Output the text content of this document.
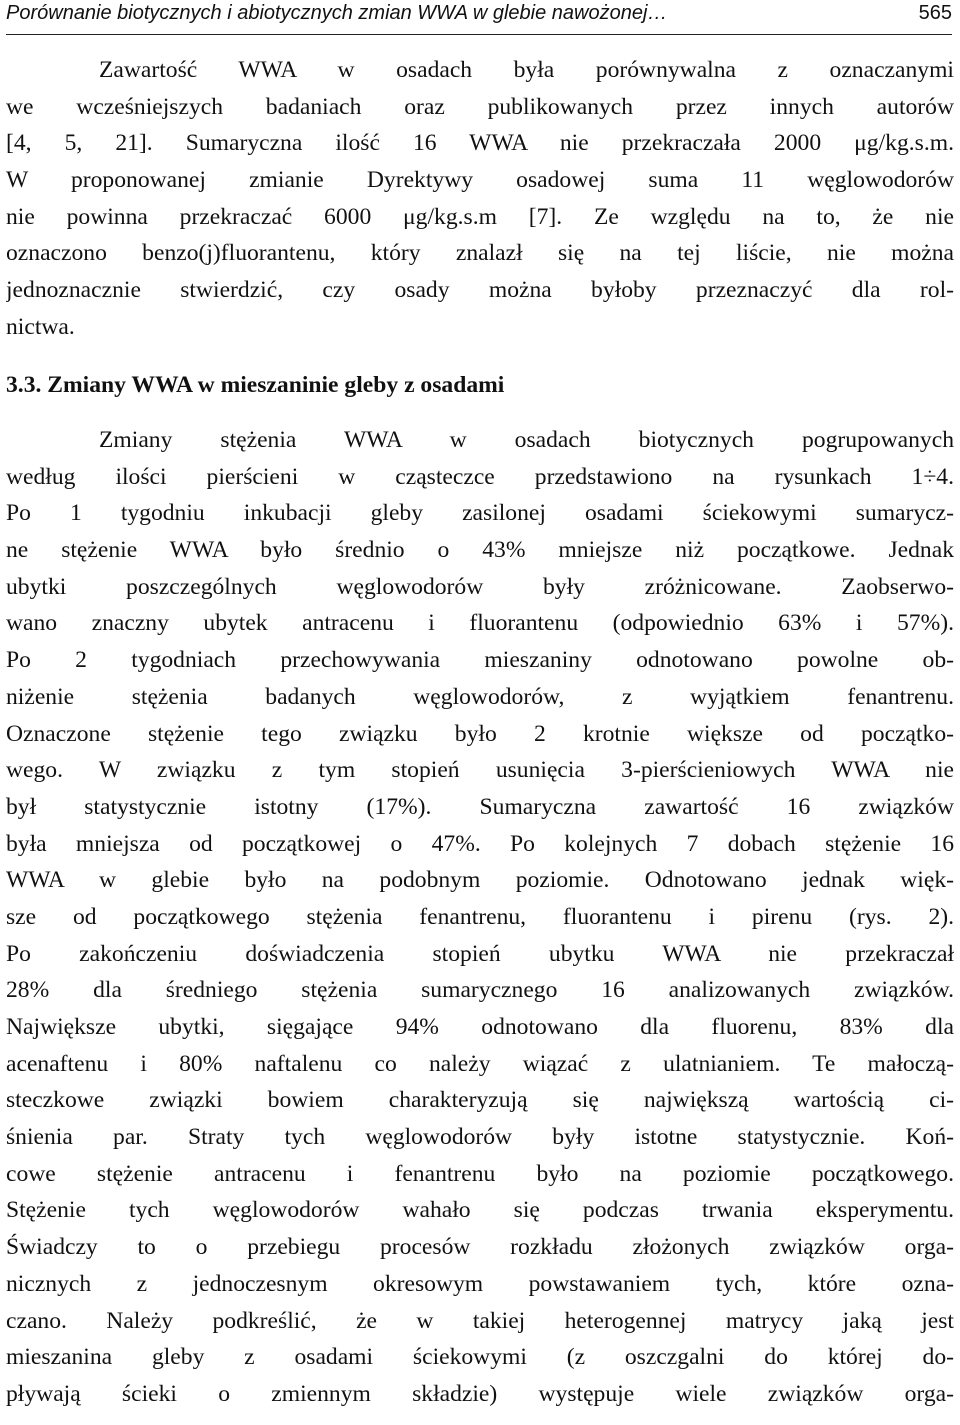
Porównanie biotycznych i abiotycznych zmian WWA w glebie nawożonej…	565
Zawartość WWA w osadach była porównywalna z oznaczanymi
we wcześniejszych badaniach oraz publikowanych przez innych autorów
[4, 5, 21]. Sumaryczna ilość 16 WWA nie przekraczała 2000 μg/kg.s.m.
W proponowanej zmianie Dyrektywy osadowej suma 11 węglowodorów
nie powinna przekraczać 6000 μg/kg.s.m [7]. Ze względu na to, że nie
oznaczono benzo(j)fluorantenu, który znalazł się na tej liście, nie można
jednoznacznie stwierdzić, czy osady można byłoby przeznaczyć dla rol-
nictwa.
3.3. Zmiany WWA w mieszaninie gleby z osadami
Zmiany stężenia WWA w osadach biotycznych pogrupowanych
według ilości pierścieni w cząsteczce przedstawiono na rysunkach 1÷4.
Po 1 tygodniu inkubacji gleby zasilonej osadami ściekowymi sumarycz-
ne stężenie WWA było średnio o 43% mniejsze niż początkowe. Jednak
ubytki poszczególnych węglowodorów były zróżnicowane. Zaobserwo-
wano znaczny ubytek antracenu i fluorantenu (odpowiednio 63% i 57%).
Po 2 tygodniach przechowywania mieszaniny odnotowano powolne ob-
niżenie stężenia badanych węglowodorów, z wyjątkiem fenantrenu.
Oznaczone stężenie tego związku było 2 krotnie większe od początko-
wego. W związku z tym stopień usunięcia 3-pierścieniowych WWA nie
był statystycznie istotny (17%). Sumaryczna zawartość 16 związków
była mniejsza od początkowej o 47%. Po kolejnych 7 dobach stężenie 16
WWA w glebie było na podobnym poziomie. Odnotowano jednak więk-
sze od początkowego stężenia fenantrenu, fluorantenu i pirenu (rys. 2).
Po zakończeniu doświadczenia stopień ubytku WWA nie przekraczał
28% dla średniego stężenia sumarycznego 16 analizowanych związków.
Największe ubytki, sięgające 94% odnotowano dla fluorenu, 83% dla
acenaftenu i 80% naftalenu co należy wiązać z ulatnianiem. Te małoczą-
steczkowe związki bowiem charakteryzują się największą wartością ci-
śnienia par. Straty tych węglowodorów były istotne statystycznie. Koń-
cowe stężenie antracenu i fenantrenu było na poziomie początkowego.
Stężenie tych węglowodorów wahało się podczas trwania eksperymentu.
Świadczy to o przebiegu procesów rozkładu złożonych związków orga-
nicznych z jednoczesnym okresowym powstawaniem tych, które ozna-
czano. Należy podkreślić, że w takiej heterogennej matrycy jaką jest
mieszanina gleby z osadami ściekowymi (z oszczgalni do której do-
pływają ścieki o zmiennym składzie) występuje wiele związków orga-
